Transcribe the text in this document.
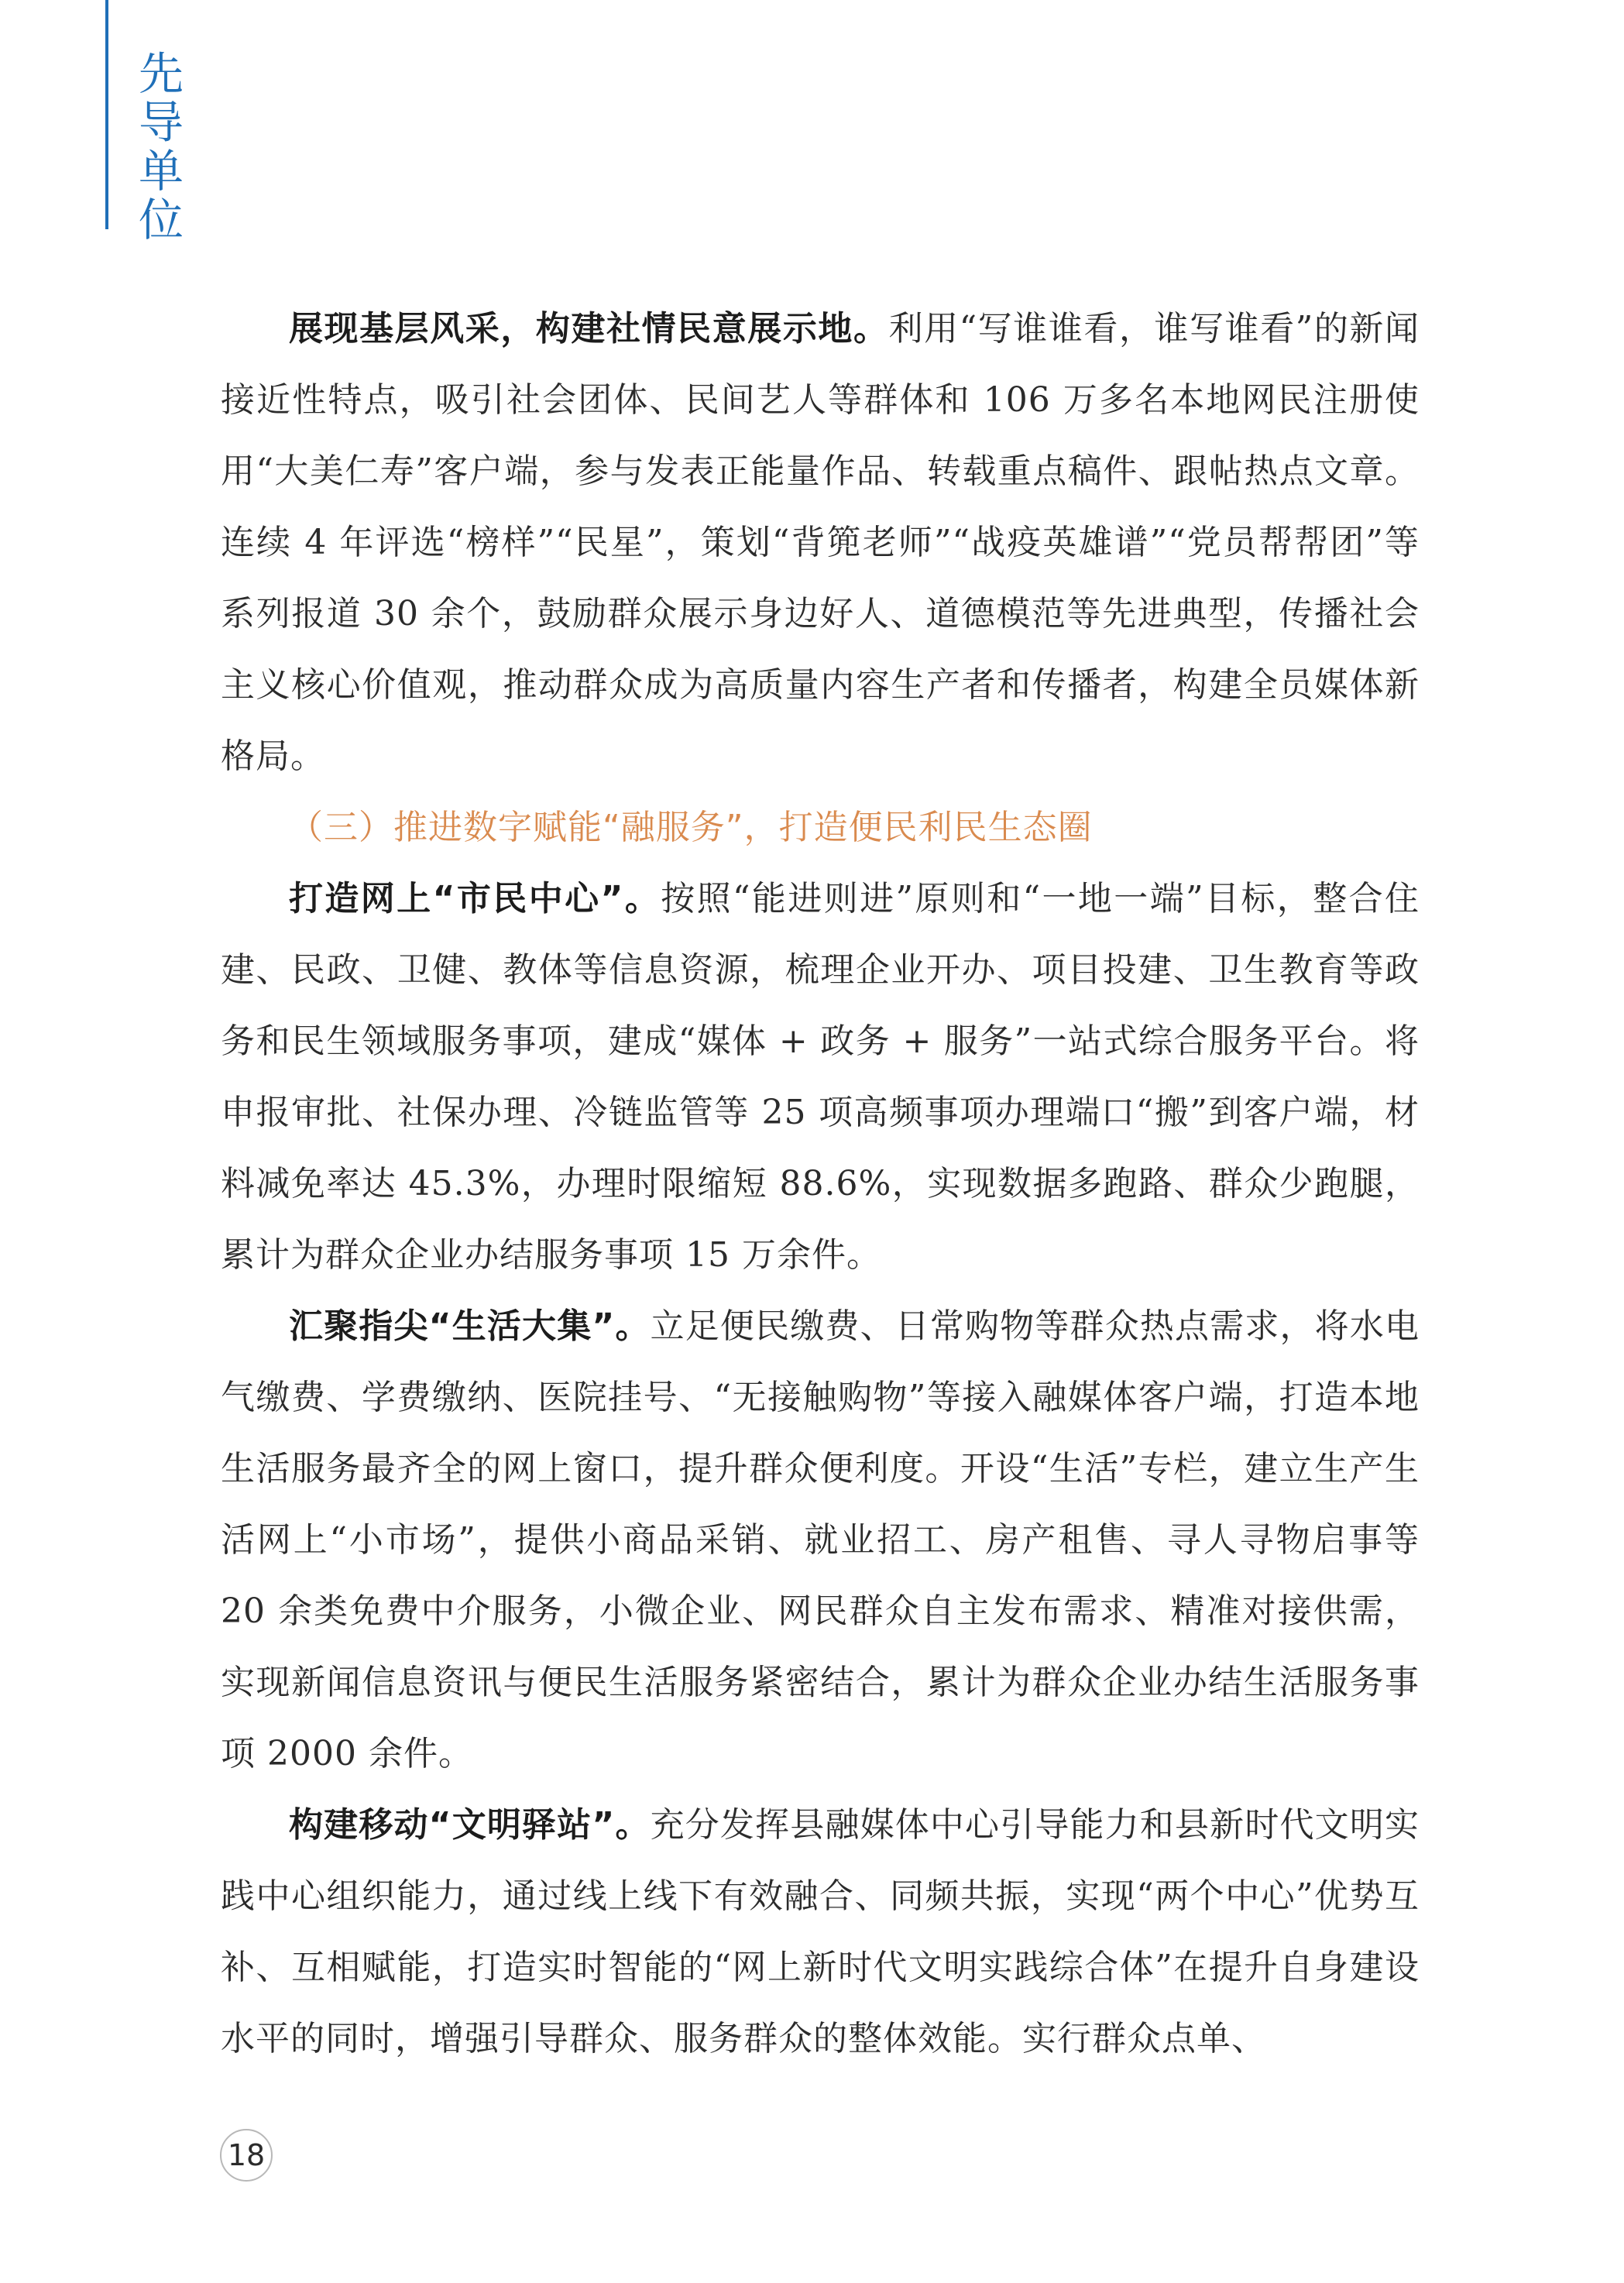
先
导
单
位

展现基层风采，构建社情民意展示地。利用“写谁谁看，谁写谁看”的新闻接近性特点，吸引社会团体、民间艺人等群体和 106 万多名本地网民注册使用“大美仁寿”客户端，参与发表正能量作品、转载重点稿件、跟帖热点文章。连续 4 年评选“榜样”“民星”，策划“背篼老师”“战疫英雄谱”“党员帮帮团”等系列报道 30 余个，鼓励群众展示身边好人、道德模范等先进典型，传播社会主义核心价值观，推动群众成为高质量内容生产者和传播者，构建全员媒体新格局。

（三）推进数字赋能“融服务”，打造便民利民生态圈

打造网上“市民中心”。按照“能进则进”原则和“一地一端”目标，整合住建、民政、卫健、教体等信息资源，梳理企业开办、项目投建、卫生教育等政务和民生领域服务事项，建成“媒体 + 政务 + 服务”一站式综合服务平台。将申报审批、社保办理、冷链监管等 25 项高频事项办理端口“搬”到客户端，材料减免率达 45.3%，办理时限缩短 88.6%，实现数据多跑路、群众少跑腿，累计为群众企业办结服务事项 15 万余件。

汇聚指尖“生活大集”。立足便民缴费、日常购物等群众热点需求，将水电气缴费、学费缴纳、医院挂号、“无接触购物”等接入融媒体客户端，打造本地生活服务最齐全的网上窗口，提升群众便利度。开设“生活”专栏，建立生产生活网上“小市场”，提供小商品采销、就业招工、房产租售、寻人寻物启事等 20 余类免费中介服务，小微企业、网民群众自主发布需求、精准对接供需，实现新闻信息资讯与便民生活服务紧密结合，累计为群众企业办结生活服务事项 2000 余件。

构建移动“文明驿站”。充分发挥县融媒体中心引导能力和县新时代文明实践中心组织能力，通过线上线下有效融合、同频共振，实现“两个中心”优势互补、互相赋能，打造实时智能的“网上新时代文明实践综合体”在提升自身建设水平的同时，增强引导群众、服务群众的整体效能。实行群众点单、

18
